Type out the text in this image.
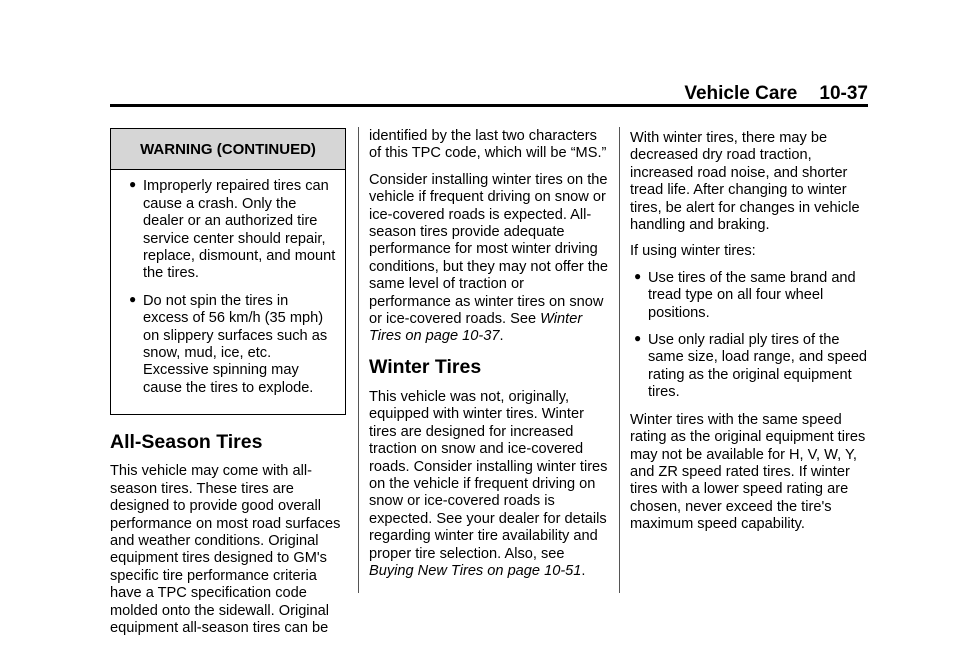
Vehicle Care 10-37
WARNING (CONTINUED)
● Improperly repaired tires can cause a crash. Only the dealer or an authorized tire service center should repair, replace, dismount, and mount the tires.
● Do not spin the tires in excess of 56 km/h (35 mph) on slippery surfaces such as snow, mud, ice, etc. Excessive spinning may cause the tires to explode.
All-Season Tires

This vehicle may come with all-season tires. These tires are designed to provide good overall performance on most road surfaces and weather conditions. Original equipment tires designed to GM's specific tire performance criteria have a TPC specification code molded onto the sidewall. Original equipment all-season tires can be

identified by the last two characters of this TPC code, which will be “MS.”

Consider installing winter tires on the vehicle if frequent driving on snow or ice-covered roads is expected. All-season tires provide adequate performance for most winter driving conditions, but they may not offer the same level of traction or performance as winter tires on snow or ice-covered roads. See Winter Tires on page 10-37.

Winter Tires

This vehicle was not, originally, equipped with winter tires. Winter tires are designed for increased traction on snow and ice-covered roads. Consider installing winter tires on the vehicle if frequent driving on snow or ice-covered roads is expected. See your dealer for details regarding winter tire availability and proper tire selection. Also, see Buying New Tires on page 10-51.

With winter tires, there may be decreased dry road traction, increased road noise, and shorter tread life. After changing to winter tires, be alert for changes in vehicle handling and braking.

If using winter tires:

● Use tires of the same brand and tread type on all four wheel positions.
● Use only radial ply tires of the same size, load range, and speed rating as the original equipment tires.

Winter tires with the same speed rating as the original equipment tires may not be available for H, V, W, Y, and ZR speed rated tires. If winter tires with a lower speed rating are chosen, never exceed the tire's maximum speed capability.
